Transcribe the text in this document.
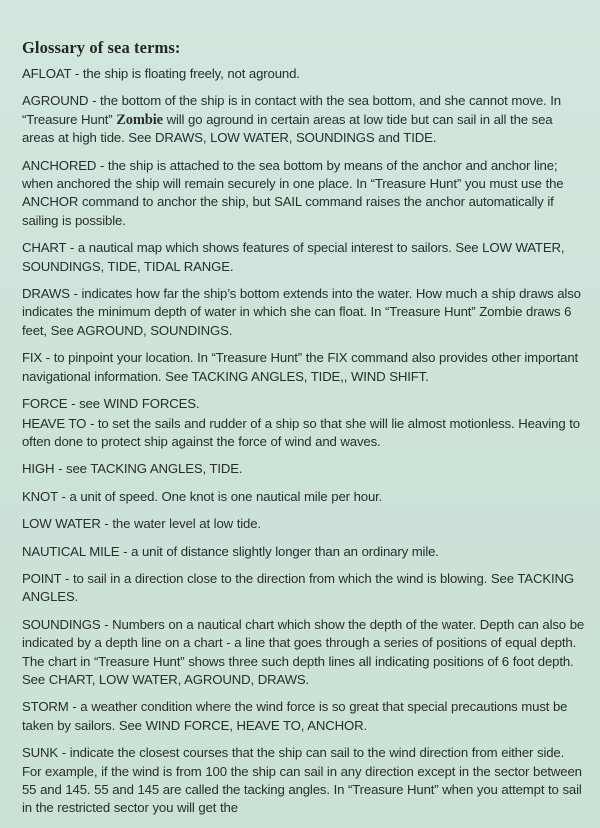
Glossary of sea terms:

AFLOAT - the ship is floating freely, not aground.

AGROUND - the bottom of the ship is in contact with the sea bottom, and she cannot move. In “Treasure Hunt” Zombie will go aground in certain areas at low tide but can sail in all the sea areas at high tide. See DRAWS, LOW WATER, SOUNDINGS and TIDE.

ANCHORED - the ship is attached to the sea bottom by means of the anchor and anchor line; when anchored the ship will remain securely in one place. In “Treasure Hunt” you must use the ANCHOR command to anchor the ship, but SAIL command raises the anchor automatically if sailing is possible.

CHART - a nautical map which shows features of special interest to sailors. See LOW WATER, SOUNDINGS, TIDE, TIDAL RANGE.

DRAWS - indicates how far the ship’s bottom extends into the water. How much a ship draws also indicates the minimum depth of water in which she can float. In “Treasure Hunt” Zombie draws 6 feet, See AGROUND, SOUNDINGS.

FIX - to pinpoint your location. In “Treasure Hunt” the FIX command also provides other important navigational information. See TACKING ANGLES, TIDE,, WIND SHIFT.

FORCE - see WIND FORCES.

HEAVE TO - to set the sails and rudder of a ship so that she will lie almost motionless. Heaving to often done to protect ship against the force of wind and waves.

HIGH - see TACKING ANGLES, TIDE.

KNOT - a unit of speed. One knot is one nautical mile per hour.

LOW WATER - the water level at low tide.

NAUTICAL MILE - a unit of distance slightly longer than an ordinary mile.

POINT - to sail in a direction close to the direction from which the wind is blowing. See TACKING ANGLES.

SOUNDINGS - Numbers on a nautical chart which show the depth of the water. Depth can also be indicated by a depth line on a chart - a line that goes through a series of positions of equal depth. The chart in “Treasure Hunt” shows three such depth lines all indicating positions of 6 foot depth. See CHART, LOW WATER, AGROUND, DRAWS.

STORM - a weather condition where the wind force is so great that special precautions must be taken by sailors. See WIND FORCE, HEAVE TO, ANCHOR.

SUNK - indicate the closest courses that the ship can sail to the wind direction from either side. For example, if the wind is from 100 the ship can sail in any direction except in the sector between 55 and 145. 55 and 145 are called the tacking angles. In “Treasure Hunt” when you attempt to sail in the restricted sector you will get the
